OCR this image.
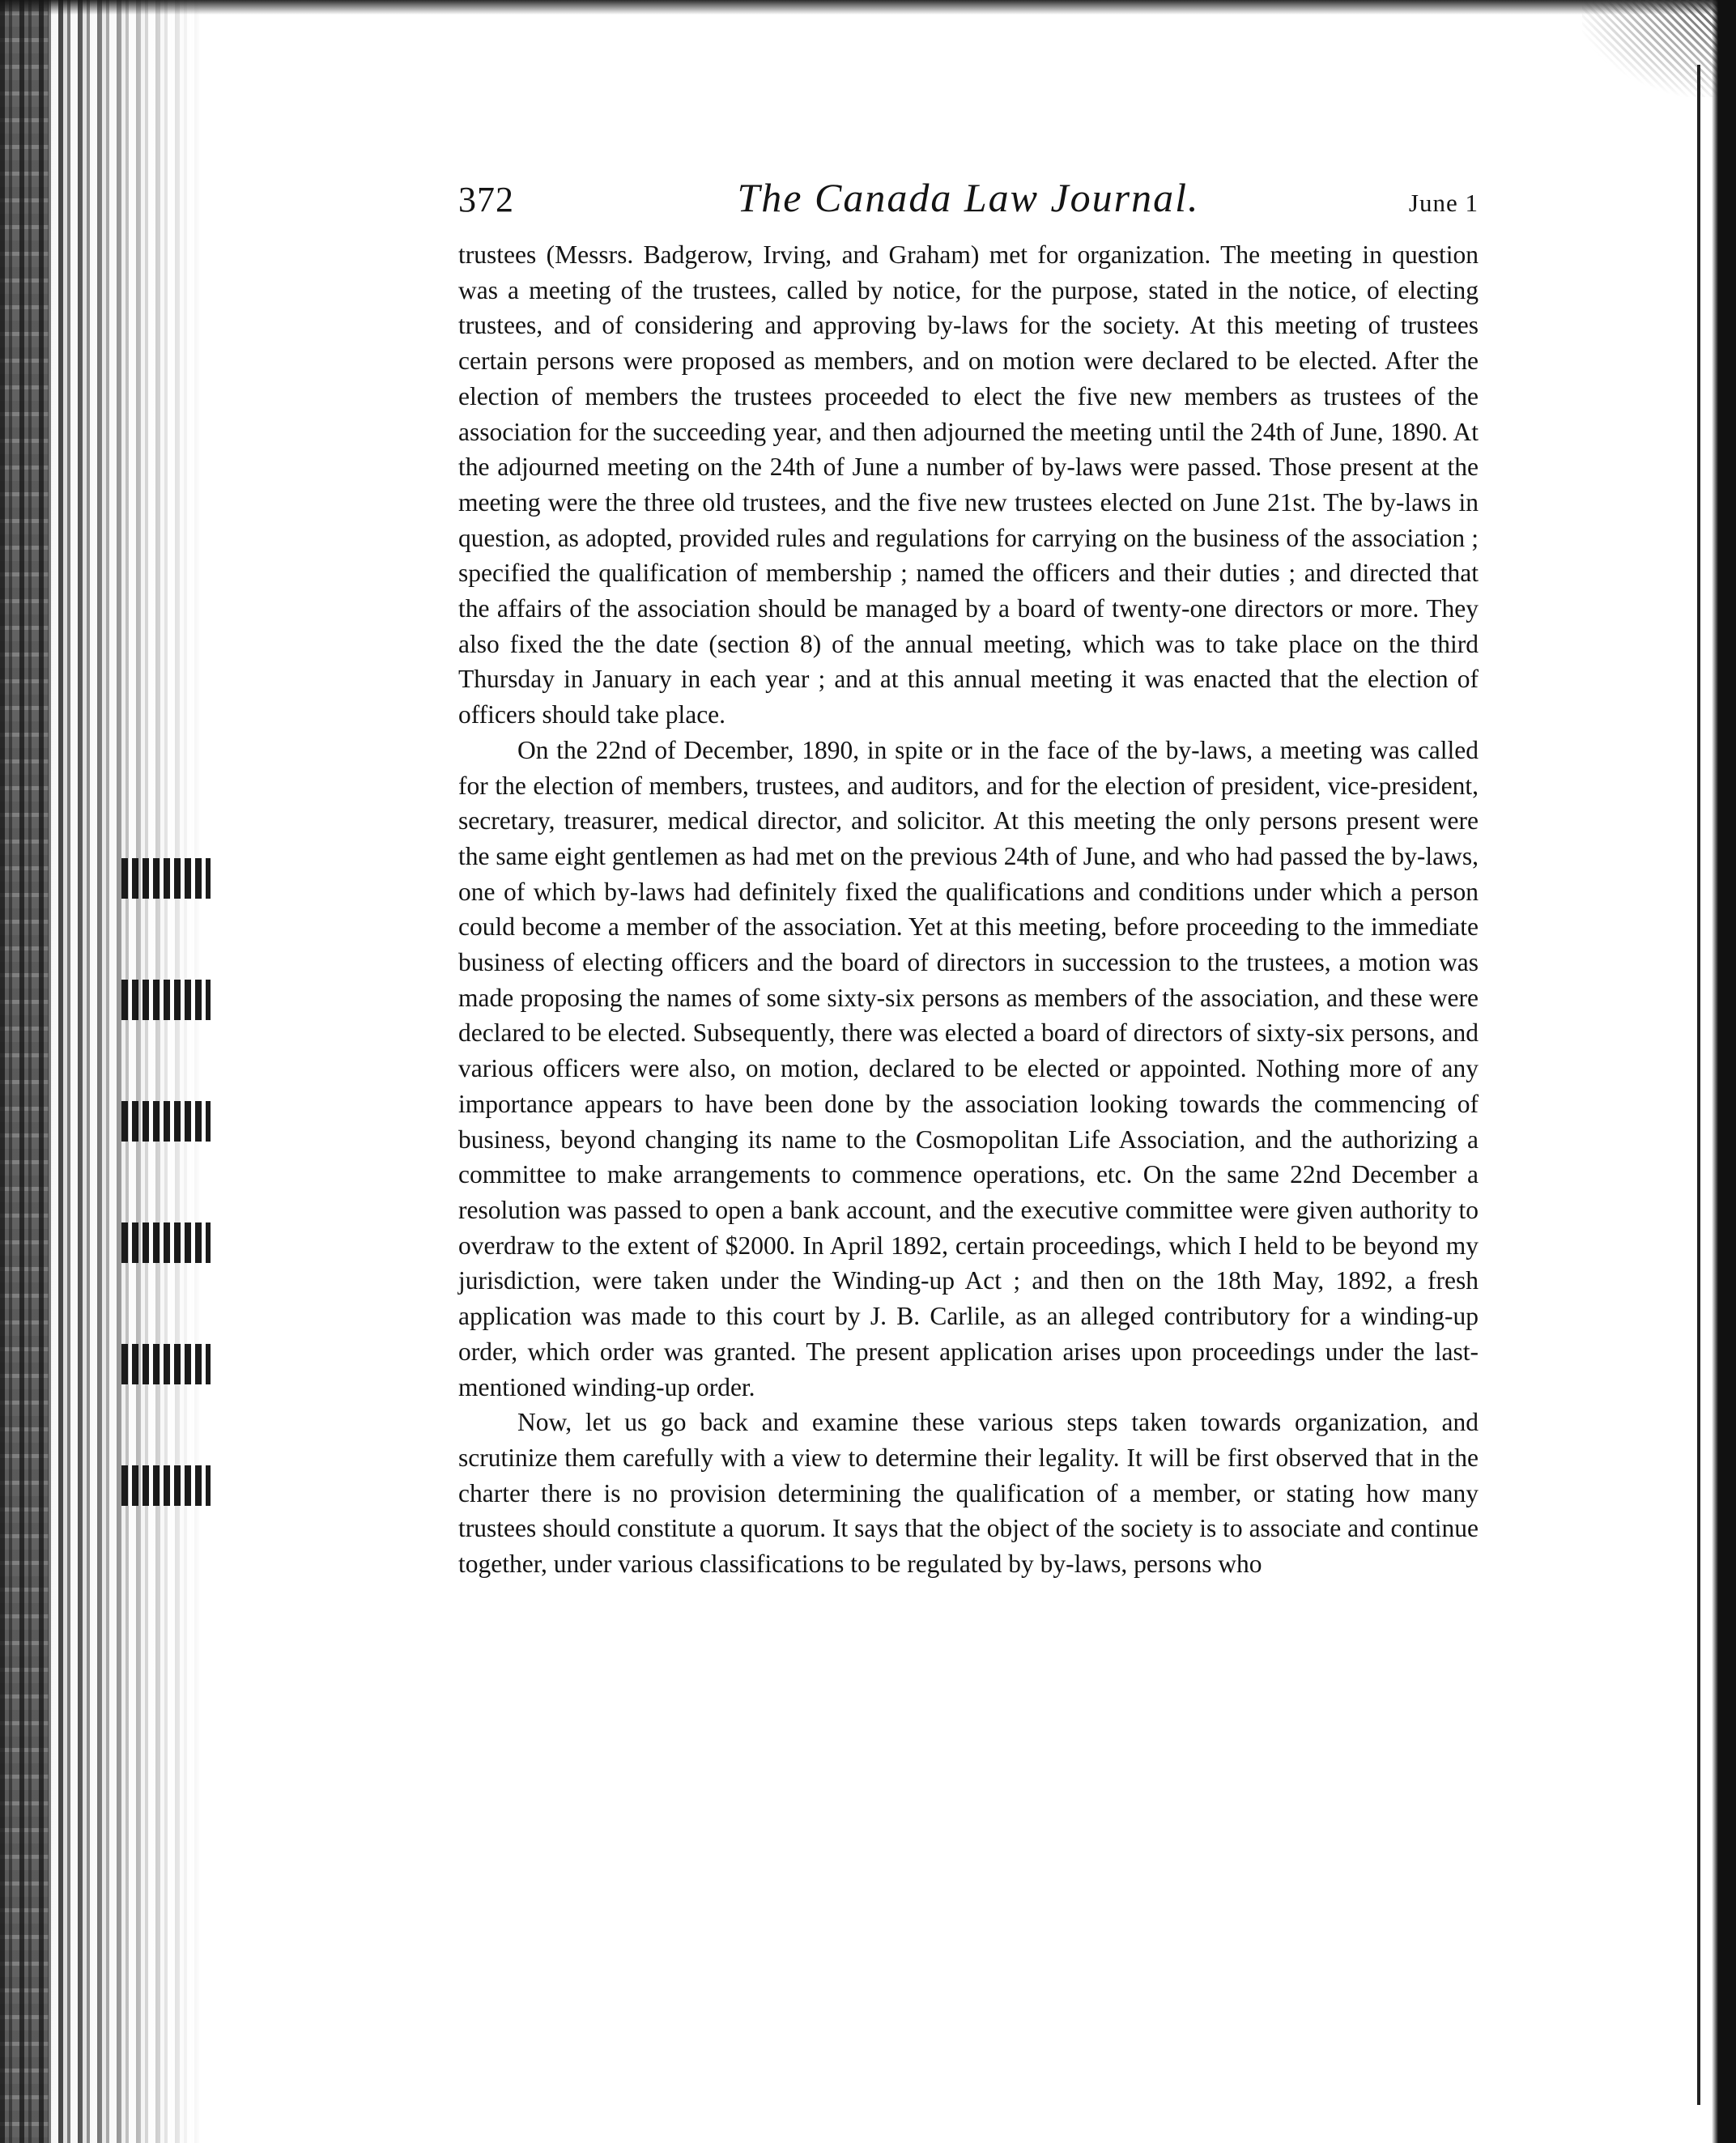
372	The Canada Law Journal.	June 1

trustees (Messrs. Badgerow, Irving, and Graham) met for organization. The meeting in question was a meeting of the trustees, called by notice, for the purpose, stated in the notice, of electing trustees, and of considering and approving by-laws for the society. At this meeting of trustees certain persons were proposed as members, and on motion were declared to be elected. After the election of members the trustees proceeded to elect the five new members as trustees of the association for the succeeding year, and then adjourned the meeting until the 24th of June, 1890. At the adjourned meeting on the 24th of June a number of by-laws were passed. Those present at the meeting were the three old trustees, and the five new trustees elected on June 21st. The by-laws in question, as adopted, provided rules and regulations for carrying on the business of the association ; specified the qualification of membership ; named the officers and their duties ; and directed that the affairs of the association should be managed by a board of twenty-one directors or more. They also fixed the the date (section 8) of the annual meeting, which was to take place on the third Thursday in January in each year ; and at this annual meeting it was enacted that the election of officers should take place.

On the 22nd of December, 1890, in spite or in the face of the by-laws, a meeting was called for the election of members, trustees, and auditors, and for the election of president, vice-president, secretary, treasurer, medical director, and solicitor. At this meeting the only persons present were the same eight gentlemen as had met on the previous 24th of June, and who had passed the by-laws, one of which by-laws had definitely fixed the qualifications and conditions under which a person could become a member of the association. Yet at this meeting, before proceeding to the immediate business of electing officers and the board of directors in succession to the trustees, a motion was made proposing the names of some sixty-six persons as members of the association, and these were declared to be elected. Subsequently, there was elected a board of directors of sixty-six persons, and various officers were also, on motion, declared to be elected or appointed. Nothing more of any importance appears to have been done by the association looking towards the commencing of business, beyond changing its name to the Cosmopolitan Life Association, and the authorizing a committee to make arrangements to commence operations, etc. On the same 22nd December a resolution was passed to open a bank account, and the executive committee were given authority to overdraw to the extent of $2000. In April 1892, certain proceedings, which I held to be beyond my jurisdiction, were taken under the Winding-up Act ; and then on the 18th May, 1892, a fresh application was made to this court by J. B. Carlile, as an alleged contributory for a winding-up order, which order was granted. The present application arises upon proceedings under the last-mentioned winding-up order.

Now, let us go back and examine these various steps taken towards organization, and scrutinize them carefully with a view to determine their legality. It will be first observed that in the charter there is no provision determining the qualification of a member, or stating how many trustees should constitute a quorum. It says that the object of the society is to associate and continue together, under various classifications to be regulated by by-laws, persons who
